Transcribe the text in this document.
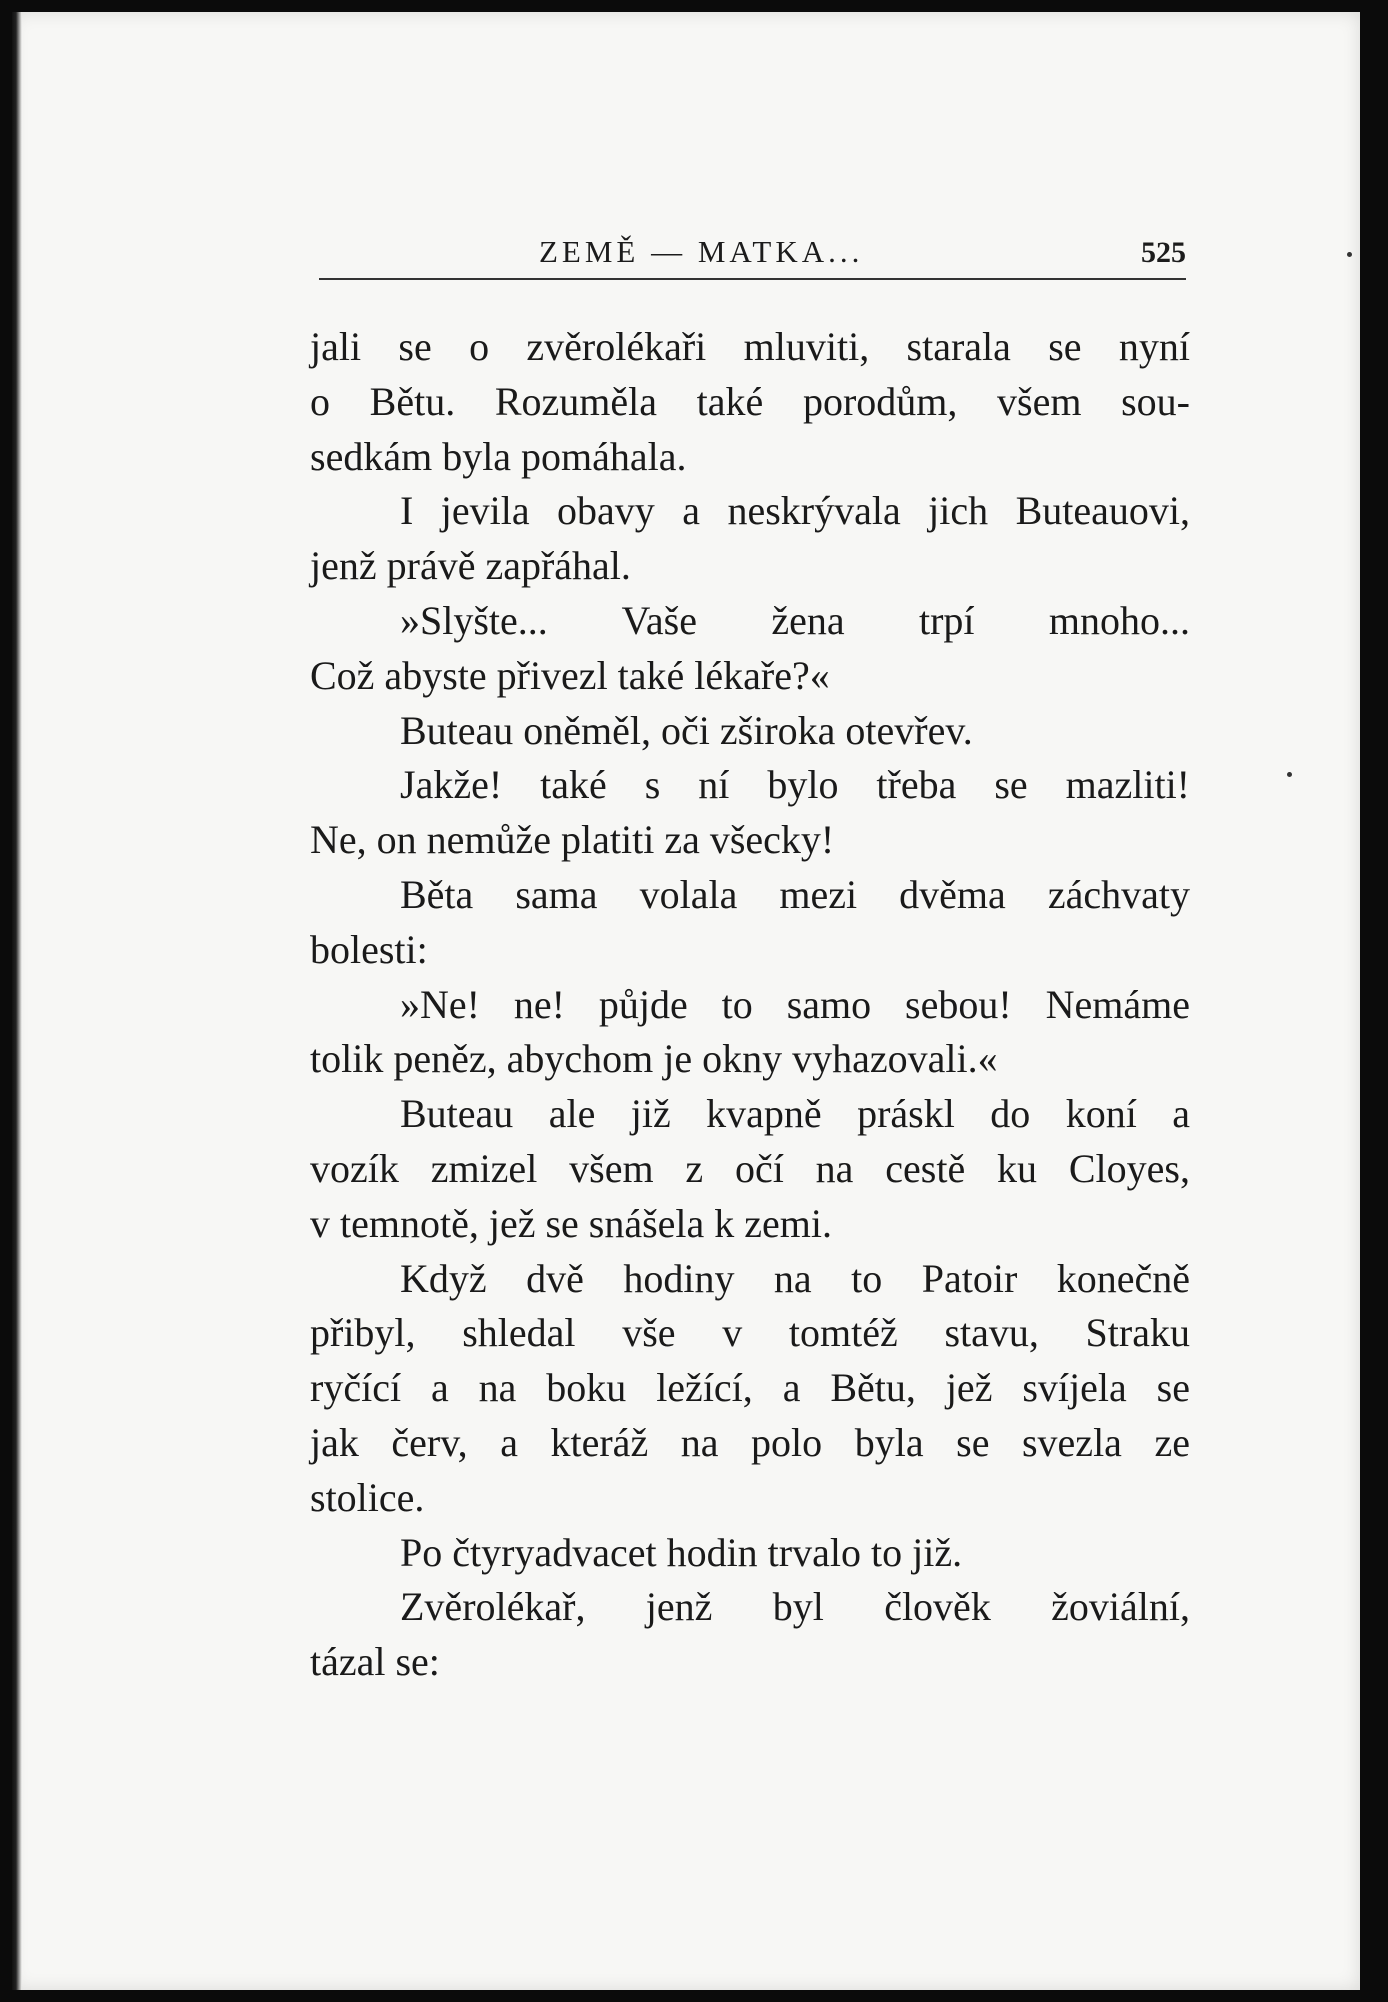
ZEMĚ — MATKA...	525
jali se o zvěrolékaři mluviti, starala se nyní
o Bětu. Rozuměla také porodům, všem sou-
sedkám byla pomáhala.
I jevila obavy a neskrývala jich Buteauovi,
jenž právě zapřáhal.
»Slyšte... Vaše žena trpí mnoho...
Což abyste přivezl také lékaře?«
Buteau oněměl, oči zširoka otevřev.
Jakže! také s ní bylo třeba se mazliti!
Ne, on nemůže platiti za všecky!
Běta sama volala mezi dvěma záchvaty
bolesti:
»Ne! ne! půjde to samo sebou! Nemáme
tolik peněz, abychom je okny vyhazovali.«
Buteau ale již kvapně práskl do koní a
vozík zmizel všem z očí na cestě ku Cloyes,
v temnotě, jež se snášela k zemi.
Když dvě hodiny na to Patoir konečně
přibyl, shledal vše v tomtéž stavu, Straku
ryčící a na boku ležící, a Bětu, jež svíjela se
jak červ, a kteráž na polo byla se svezla ze
stolice.
Po čtyryadvacet hodin trvalo to již.
Zvěrolékař, jenž byl člověk žoviální,
tázal se:
